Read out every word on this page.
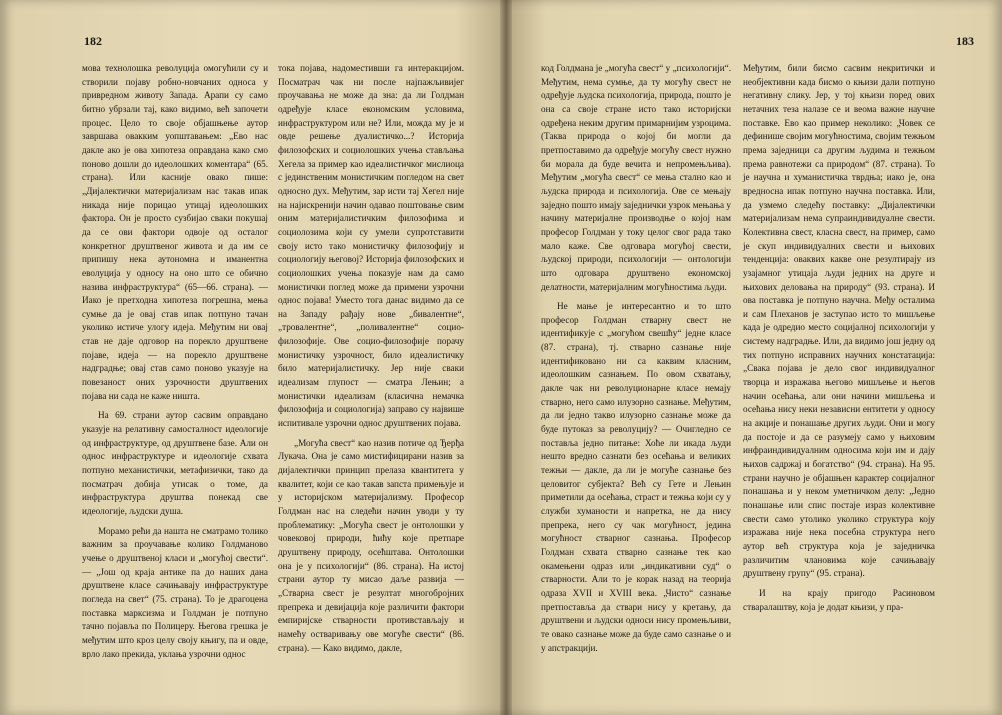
182

мова технолошка револуција омогућили су и створили појаву робно-новчаних односа у привредном животу Запада. Арапи су само битно убрзали тај, како видимо, већ започети процес. Цело то своје објашњење аутор завршава овакким уопштавањем: „Ево нас дакле ако је ова хипотеза оправдана како смо поново дошли до идеолошких коментара“ (65. страна). Или касније овако пише: „Дијалектички материјализам нас такав ипак никада није порицао утицај идеолошких фактора. Он је просто сузбијао сваки покушај да се ови фактори одвоје од осталог конкретног друштвеног живота и да им се припишу нека аутономна и иманентна еволуција у односу на оно што се обично назива инфраструктура“ (65—66. страна). — Иако је претходна хипотеза погрешна, мења сумње да је овај став ипак потпуно тачан уколико истиче улогу идеја. Међутим ни овај став не даје одговор на порекло друштвене појаве, идеја — на порекло друштвене надградње; овај став само поново указује на повезаност оних узрочности друштвених појава ни сада не каже ништа.

На 69. страни аутор сасвим оправдано указује на релативну самосталност идеологије од инфраструктуре, од друштвене базе. Али он однос инфраструктуре и идеологије схвата потпуно механистички, метафизички, тако да посматрач добија утисак о томе, да инфраструктура друштва понекад све идеологије, људски душа.

Морамо рећи да нашта не сматрамо толико важним за проучавање колико Голдманово учење о друштвеној класи и „могућој свести“. — „Још од краја антике па до наших дана друштвене класе сачињавају инфраструктуре погледа на свет“ (75. страна). То је драгоцена поставка марксизма и Голдман је потпуно тачно појавља по Полицеру. Његова грешка је међутим што кроз целу своју књигу, па и овде, врло лако прекида, уклања узрочни однос

тока појава, надоместивши га интеракцијом. Посматрач чак ни после најпажљивијег проучавања не може да зна: да ли Голдман одређује класе економским условима, инфраструктуром или не? Или, можда му је и овде решење дуалистичко...? Историја филозофских и социолошких учења стављања Хегела за пример као идеалистичког мислиоца с јединственим монистичким погледом на свет односно дух. Међутим, зар исти тај Хегел није на најискренији начин одавао поштовање свим оним материјалистичким филозофима и социолозима који су умели супротставити своју исто тако монистичку филозофију и социологију његовој? Историја филозофских и социолошких учења показује нам да само монистички поглед може да примени узрочни однос појава! Уместо тога данас видимо да се на Западу рађају нове „бивалентне“, „тровалентне“, „поливалентне“ социо-филозофије. Ове социо-филозофије порачу монистичку узрочност, било идеалистичку било материјалистичку. Јер није сваки идеализам глупост — сматра Лењин; а монистички идеализам (класична немачка филозофија и социологија) заправо су највише испитивале узрочни однос друштвених појава.

„Могућа свест“ као назив потиче од Ђерђа Лукача. Она је само мистифицирани назив за дијалектички принцип прелаза квантитета у квалитет, који се као такав запста примењује и у историјском материјализму. Професор Голдман нас на следећи начин уводи у ту проблематику: „Могућа свест је онтолошки у човековој природи, ћићу које претпаре друштвену природу, осећштава. Онтолошки она је у психологији“ (86. страна). На истој страни аутор ту мисао даље развија — „Стварна свест је резултат многобројних препрека и девијација које различити фактори емпиријске стварности противстављају и намећу остваривању ове могуће свести“ (86. страна). — Како видимо, дакле,

183

код Голдмана је „могућа свест“ у „психологији“. Међутим, нема сумње, да ту могућу свест не одређује људска психологија, природа, пошто је она са своје стране исто тако историјски одређена неким другим примарнијим узроцима. (Таква природа о којој би могли да претпоставимо да одређује могућу свест нужно би морала да буде вечита и непромењљива). Међутим „могућа свест“ се мења стално као и људска природа и психологија. Ове се мењају заједно пошто имају заједнички узрок мењања у начину материјалне производње о којој нам професор Голдман у току целог свог рада тако мало каже. Све одговара могућој свести, људској природи, психологији — онтологији што одговара друштвено економској делатности, материјалним могућностима људи.

Не мање је интересантно и то што професор Голдман стварну свест не идентификује с „могућом свешћу“ једне класе (87. страна), тј. стварно сазнање није идентификовано ни са каквим класним, идеолошким сазнањем. По овом схватању, дакле чак ни револуционарне класе немају стварно, него само илузорно сазнање. Међутим, да ли једно такво илузорно сазнање може да буде путоказ за револуцију? — Очигледно се поставља једно питање: Хоће ли икада људи нешто вредно сазнати без осећања и великих тежњи — дакле, да ли је могуће сазнање без целовитог субјекта? Већ су Гете и Лењин приметили да осећања, страст и тежња који су у служби хуманости и напретка, не да нису препрека, него су чак могућност, једина могућност стварног сазнања. Професор Голдман схвата стварно сазнање тек као окамењени одраз или „индикативни суд“ о стварности. Али то је корак назад на теорија одраза XVII и XVIII века. „Чисто“ сазнање претпоставља да ствари нису у кретању, да друштвени и људски односи нису промењљиви, те овако сазнање може да буде само сазнање о и у апстракцији.

Међутим, били бисмо сасвим некритички и необјективни када бисмо о књизи дали потпуно негативну слику. Јер, у тој књизи поред ових нетачних теза налазе се и веома важне научне поставке. Ево као пример неколико: „Човек се дефинише својим могућностима, својим тежњом према заједници са другим људима и тежњом према равнотежи са природом“ (87. страна). То је научна и хуманистичка тврдња; иако је, она вредносна ипак потпуно научна поставка. Или, да узмемо следећу поставку: „Дијалектички материјализам нема супраиндивидуалне свести. Колективна свест, класна свест, на пример, само је скуп индивидуалних свести и њихових тенденција: оваквих какве оне резултирају из узајамног утицаја људи једних на друге и њихових деловања на природу“ (93. страна). И ова поставка је потпуно научна. Међу осталима и сам Плеханов је заступао исто то мишљење када је одредио место социјалној психологији у систему надградње. Или, да видимо још једну од тих потпуно исправних научних констатација: „Свака појава је дело свог индивидуалног творца и изражава његово мишљење и његов начин осећања, али они начини мишљења и осећања нису неки независни ентитети у односу на акције и понашање других људи. Они и могу да постоје и да се разумеју само у њиховим инфраиндивидуалним односима који им и дају њихов садржај и богатство“ (94. страна). На 95. страни научно је објашњен карактер социјалног понашања и у неком уметничком делу: „Једно понашање или спис постаје израз колективне свести само утолико уколико структура коју изражава није нека посебна структура него аутор већ структура која је заједничка различитим члановима које сачињавају друштвену групу“ (95. страна).

И на крају пригодо Расиновом стваралаштву, која је додат књизи, у пра-
